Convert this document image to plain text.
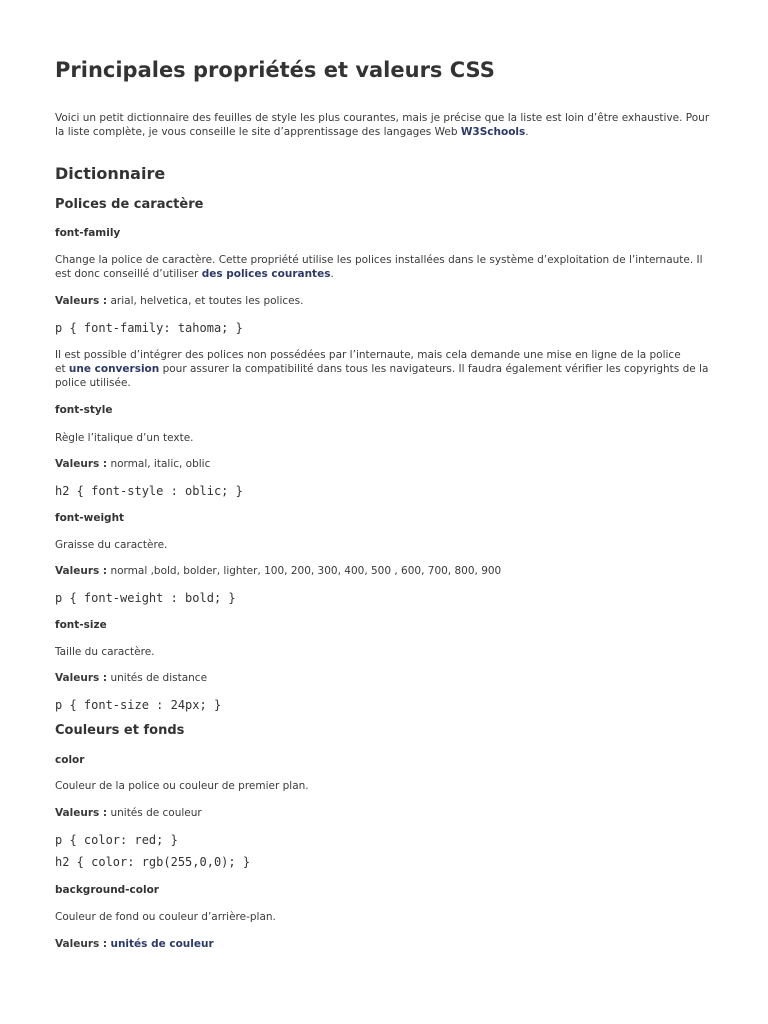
Principales propriétés et valeurs CSS
Voici un petit dictionnaire des feuilles de style les plus courantes, mais je précise que la liste est loin d’être exhaustive. Pour
la liste complète, je vous conseille le site d’apprentissage des langages Web W3Schools.
Dictionnaire
Polices de caractère
font-family
Change la police de caractère. Cette propriété utilise les polices installées dans le système d’exploitation de l’internaute. Il
est donc conseillé d’utiliser des polices courantes.
Valeurs : arial, helvetica, et toutes les polices.
p { font-family: tahoma; }
Il est possible d’intégrer des polices non possédées par l’internaute, mais cela demande une mise en ligne de la police
et une conversion pour assurer la compatibilité dans tous les navigateurs. Il faudra également vérifier les copyrights de la
police utilisée.
font-style
Règle l’italique d’un texte.
Valeurs : normal, italic, oblic
h2 { font-style : oblic; }
font-weight
Graisse du caractère.
Valeurs : normal ,bold, bolder, lighter, 100, 200, 300, 400, 500 , 600, 700, 800, 900
p { font-weight : bold; }
font-size
Taille du caractère.
Valeurs : unités de distance
p { font-size : 24px; }
Couleurs et fonds
color
Couleur de la police ou couleur de premier plan.
Valeurs : unités de couleur
p { color: red; }
h2 { color: rgb(255,0,0); }
background-color
Couleur de fond ou couleur d’arrière-plan.
Valeurs : unités de couleur
